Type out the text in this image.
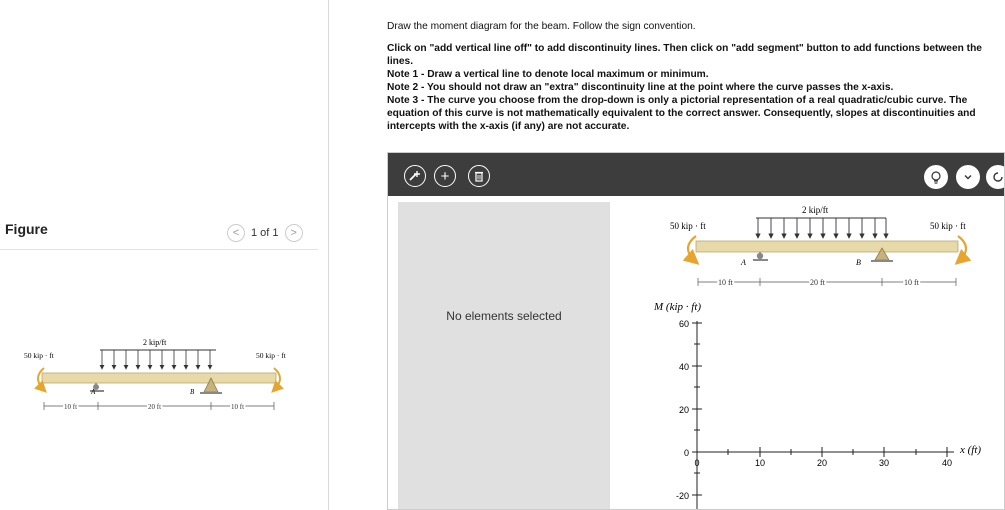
Figure	<	1 of 1	>
2 kip/ft
50 kip · ft	50 kip · ft
A	B
10 ft	20 ft	10 ft

Draw the moment diagram for the beam. Follow the sign convention.

Click on "add vertical line off" to add discontinuity lines. Then click on "add segment" button to add functions between the lines.

Note 1 - Draw a vertical line to denote local maximum or minimum.

Note 2 - You should not draw an "extra" discontinuity line at the point where the curve passes the x-axis.

Note 3 - The curve you choose from the drop-down is only a pictorial representation of a real quadratic/cubic curve. The equation of this curve is not mathematically equivalent to the correct answer. Consequently, slopes at discontinuities and intercepts with the x-axis (if any) are not accurate.

+
No elements selected
2 kip/ft
50 kip · ft	50 kip · ft
A	B
10 ft	20 ft	10 ft
M (kip · ft)
60
40
20
0
-20
0	10	20	30	40
x (ft)
